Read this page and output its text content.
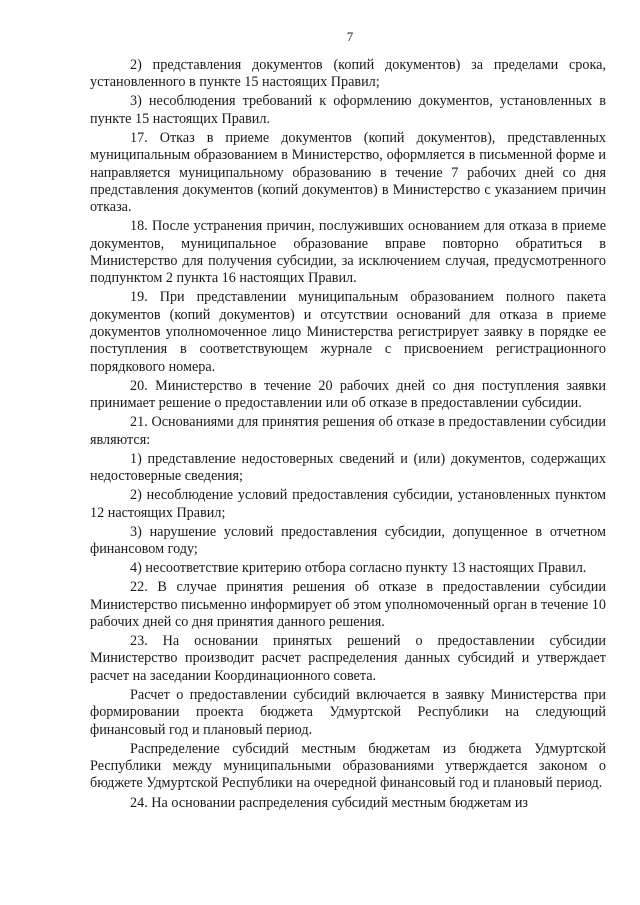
7

2) представления документов (копий документов) за пределами срока, установленного в пункте 15 настоящих Правил;

3) несоблюдения требований к оформлению документов, установленных в пункте 15 настоящих Правил.

17. Отказ в приеме документов (копий документов), представленных муниципальным образованием в Министерство, оформляется в письменной форме и направляется муниципальному образованию в течение 7 рабочих дней со дня представления документов (копий документов) в Министерство с указанием причин отказа.

18. После устранения причин, послуживших основанием для отказа в приеме документов, муниципальное образование вправе повторно обратиться в Министерство для получения субсидии, за исключением случая, предусмотренного подпунктом 2 пункта 16 настоящих Правил.

19. При представлении муниципальным образованием полного пакета документов (копий документов) и отсутствии оснований для отказа в приеме документов уполномоченное лицо Министерства регистрирует заявку в порядке ее поступления в соответствующем журнале с присвоением регистрационного порядкового номера.

20. Министерство в течение 20 рабочих дней со дня поступления заявки принимает решение о предоставлении или об отказе в предоставлении субсидии.

21. Основаниями для принятия решения об отказе в предоставлении субсидии являются:

1) представление недостоверных сведений и (или) документов, содержащих недостоверные сведения;

2) несоблюдение условий предоставления субсидии, установленных пунктом 12 настоящих Правил;

3) нарушение условий предоставления субсидии, допущенное в отчетном финансовом году;

4) несоответствие критерию отбора согласно пункту 13 настоящих Правил.

22. В случае принятия решения об отказе в предоставлении субсидии Министерство письменно информирует об этом уполномоченный орган в течение 10 рабочих дней со дня принятия данного решения.

23. На основании принятых решений о предоставлении субсидии Министерство производит расчет распределения данных субсидий и утверждает расчет на заседании Координационного совета.

Расчет о предоставлении субсидий включается в заявку Министерства при формировании проекта бюджета Удмуртской Республики на следующий финансовый год и плановый период.

Распределение субсидий местным бюджетам из бюджета Удмуртской Республики между муниципальными образованиями утверждается законом о бюджете Удмуртской Республики на очередной финансовый год и плановый период.

24. На основании распределения субсидий местным бюджетам из
